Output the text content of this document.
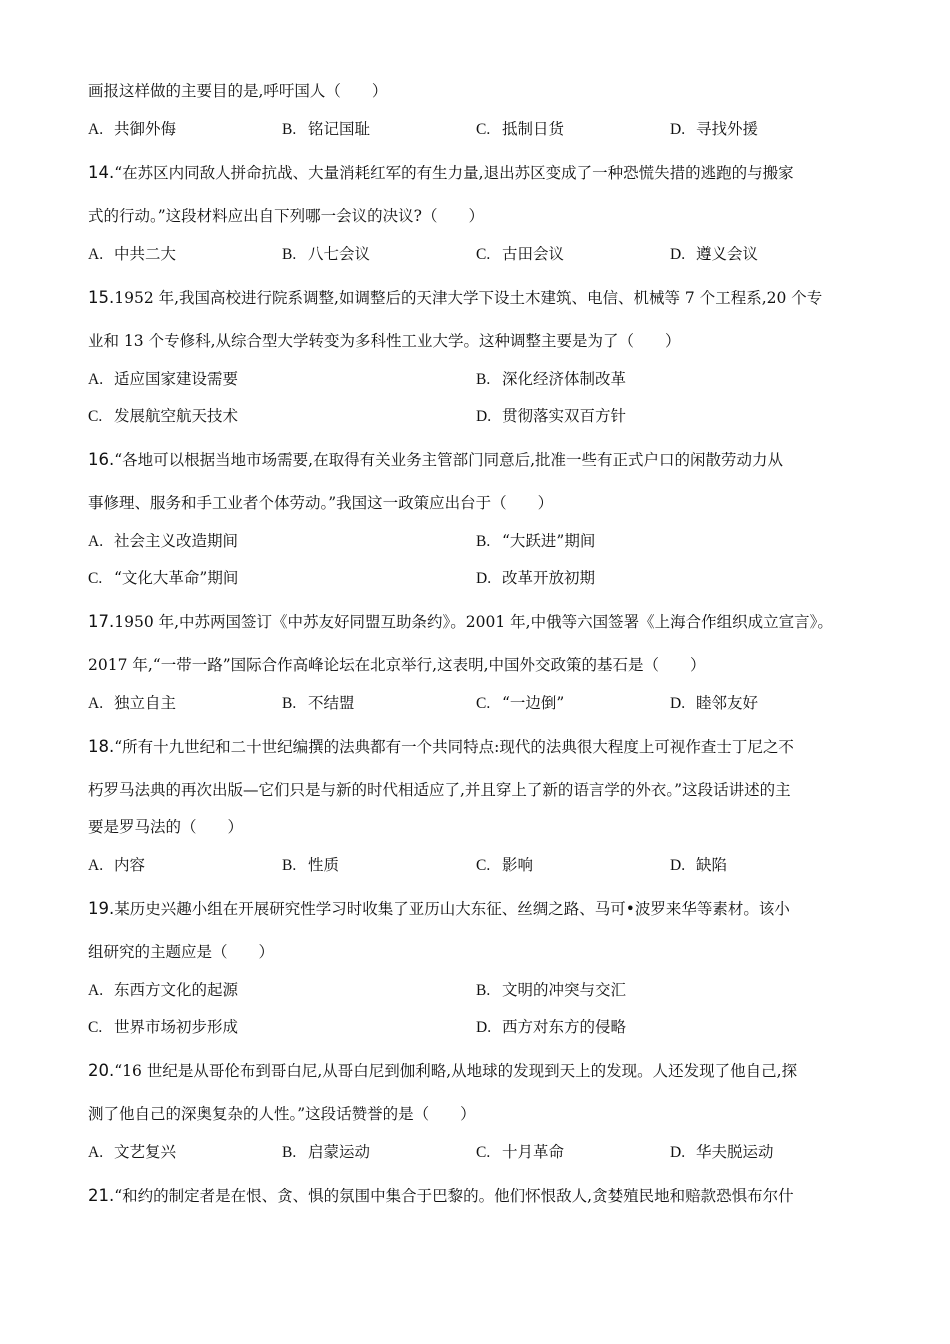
画报这样做的主要目的是,呼吁国人（　　）
A. 共御外侮	B. 铭记国耻	C. 抵制日货	D. 寻找外援
14.“在苏区内同敌人拼命抗战、大量消耗红军的有生力量,退出苏区变成了一种恐慌失措的逃跑的与搬家
式的行动。”这段材料应出自下列哪一会议的决议?（　　）
A. 中共二大	B. 八七会议	C. 古田会议	D. 遵义会议
15.1952 年,我国高校进行院系调整,如调整后的天津大学下设土木建筑、电信、机械等 7 个工程系,20 个专
业和 13 个专修科,从综合型大学转变为多科性工业大学。这种调整主要是为了（　　）
A. 适应国家建设需要	B. 深化经济体制改革
C. 发展航空航天技术	D. 贯彻落实双百方针
16.“各地可以根据当地市场需要,在取得有关业务主管部门同意后,批准一些有正式户口的闲散劳动力从
事修理、服务和手工业者个体劳动。”我国这一政策应出台于（　　）
A. 社会主义改造期间	B. “大跃进”期间
C. “文化大革命”期间	D. 改革开放初期
17.1950 年,中苏两国签订《中苏友好同盟互助条约》。2001 年,中俄等六国签署《上海合作组织成立宣言》。
2017 年,“一带一路”国际合作高峰论坛在北京举行,这表明,中国外交政策的基石是（　　）
A. 独立自主	B. 不结盟	C. “一边倒”	D. 睦邻友好
18.“所有十九世纪和二十世纪编撰的法典都有一个共同特点:现代的法典很大程度上可视作查士丁尼之不
朽罗马法典的再次出版—它们只是与新的时代相适应了,并且穿上了新的语言学的外衣。”这段话讲述的主
要是罗马法的（　　）
A. 内容	B. 性质	C. 影响	D. 缺陷
19.某历史兴趣小组在开展研究性学习时收集了亚历山大东征、丝绸之路、马可•波罗来华等素材。该小
组研究的主题应是（　　）
A. 东西方文化的起源	B. 文明的冲突与交汇
C. 世界市场初步形成	D. 西方对东方的侵略
20.“16 世纪是从哥伦布到哥白尼,从哥白尼到伽利略,从地球的发现到天上的发现。人还发现了他自己,探
测了他自己的深奥复杂的人性。”这段话赞誉的是（　　）
A. 文艺复兴	B. 启蒙运动	C. 十月革命	D. 华夫脱运动
21.“和约的制定者是在恨、贪、惧的氛围中集合于巴黎的。他们怀恨敌人,贪婪殖民地和赔款恐惧布尔什
